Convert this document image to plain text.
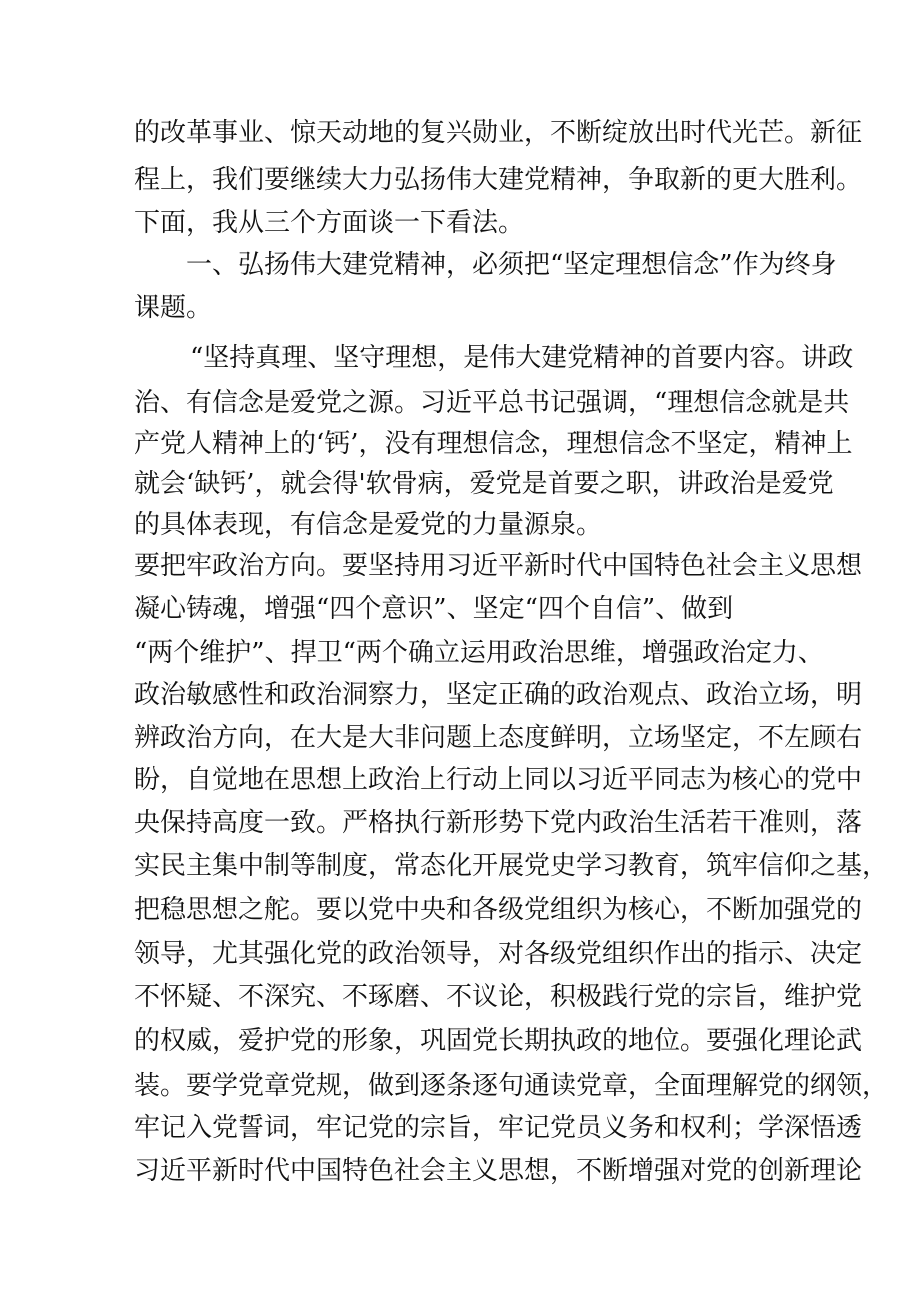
的改革事业、惊天动地的复兴勋业，不断绽放出时代光芒。新征
程上，我们要继续大力弘扬伟大建党精神，争取新的更大胜利。
下面，我从三个方面谈一下看法。
一、弘扬伟大建党精神，必须把“坚定理想信念”作为终身
课题。
“坚持真理、坚守理想，是伟大建党精神的首要内容。讲政
治、有信念是爱党之源。习近平总书记强调，“理想信念就是共
产党人精神上的‘钙’，没有理想信念，理想信念不坚定，精神上
就会‘缺钙’，就会得'软骨病，爱党是首要之职，讲政治是爱党
的具体表现，有信念是爱党的力量源泉。
要把牢政治方向。要坚持用习近平新时代中国特色社会主义思想
凝心铸魂，增强“四个意识”、坚定“四个自信”、做到
“两个维护”、捍卫“两个确立运用政治思维，增强政治定力、
政治敏感性和政治洞察力，坚定正确的政治观点、政治立场，明
辨政治方向，在大是大非问题上态度鲜明，立场坚定，不左顾右
盼，自觉地在思想上政治上行动上同以习近平同志为核心的党中
央保持高度一致。严格执行新形势下党内政治生活若干准则，落
实民主集中制等制度，常态化开展党史学习教育，筑牢信仰之基，
把稳思想之舵。要以党中央和各级党组织为核心，不断加强党的
领导，尤其强化党的政治领导，对各级党组织作出的指示、决定
不怀疑、不深究、不琢磨、不议论，积极践行党的宗旨，维护党
的权威，爱护党的形象，巩固党长期执政的地位。要强化理论武
装。要学党章党规，做到逐条逐句通读党章，全面理解党的纲领，
牢记入党誓词，牢记党的宗旨，牢记党员义务和权利；学深悟透
习近平新时代中国特色社会主义思想，不断增强对党的创新理论
